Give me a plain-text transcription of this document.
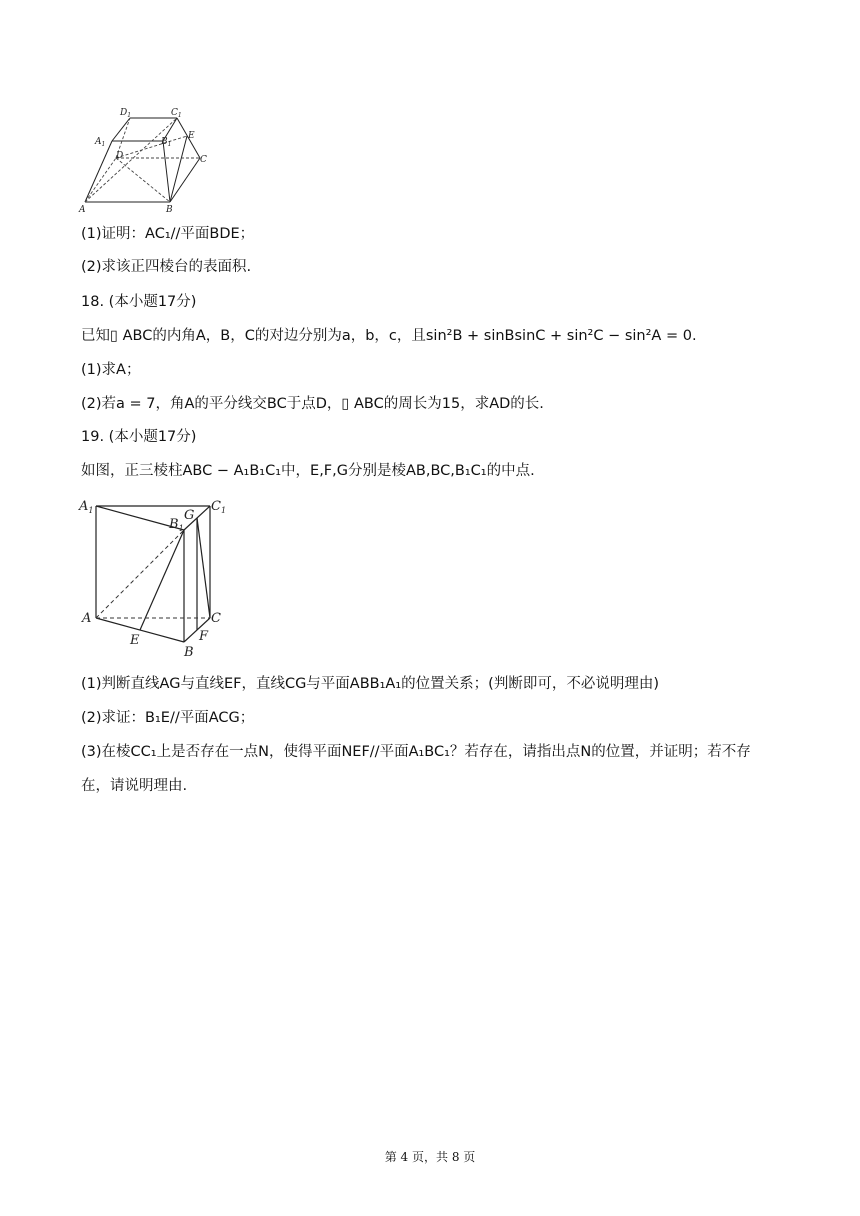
$D_1$	$C_1$
$A_1$	$B_1$
E
D	C
A	B
(1)证明：AC₁//平面BDE；
(2)求该正四棱台的表面积.
18. (本小题17分)
已知▯ ABC的内角A，B，C的对边分别为a，b，c，且sin²B + sinBsinC + sin²C − sin²A = 0.
(1)求A；
(2)若a = 7，角A的平分线交BC于点D，▯ ABC的周长为15，求AD的长.
19. (本小题17分)
如图，正三棱柱ABC − A₁B₁C₁中，E,F,G分别是棱AB,BC,B₁C₁的中点.
$A_1$	G
$C_1$
$B_1$
A	C
F
E
B
(1)判断直线AG与直线EF，直线CG与平面ABB₁A₁的位置关系；(判断即可，不必说明理由)
(2)求证：B₁E//平面ACG；
(3)在棱CC₁上是否存在一点N，使得平面NEF//平面A₁BC₁？若存在，请指出点N的位置，并证明；若不存
在，请说明理由.
第 4 页，共 8 页
